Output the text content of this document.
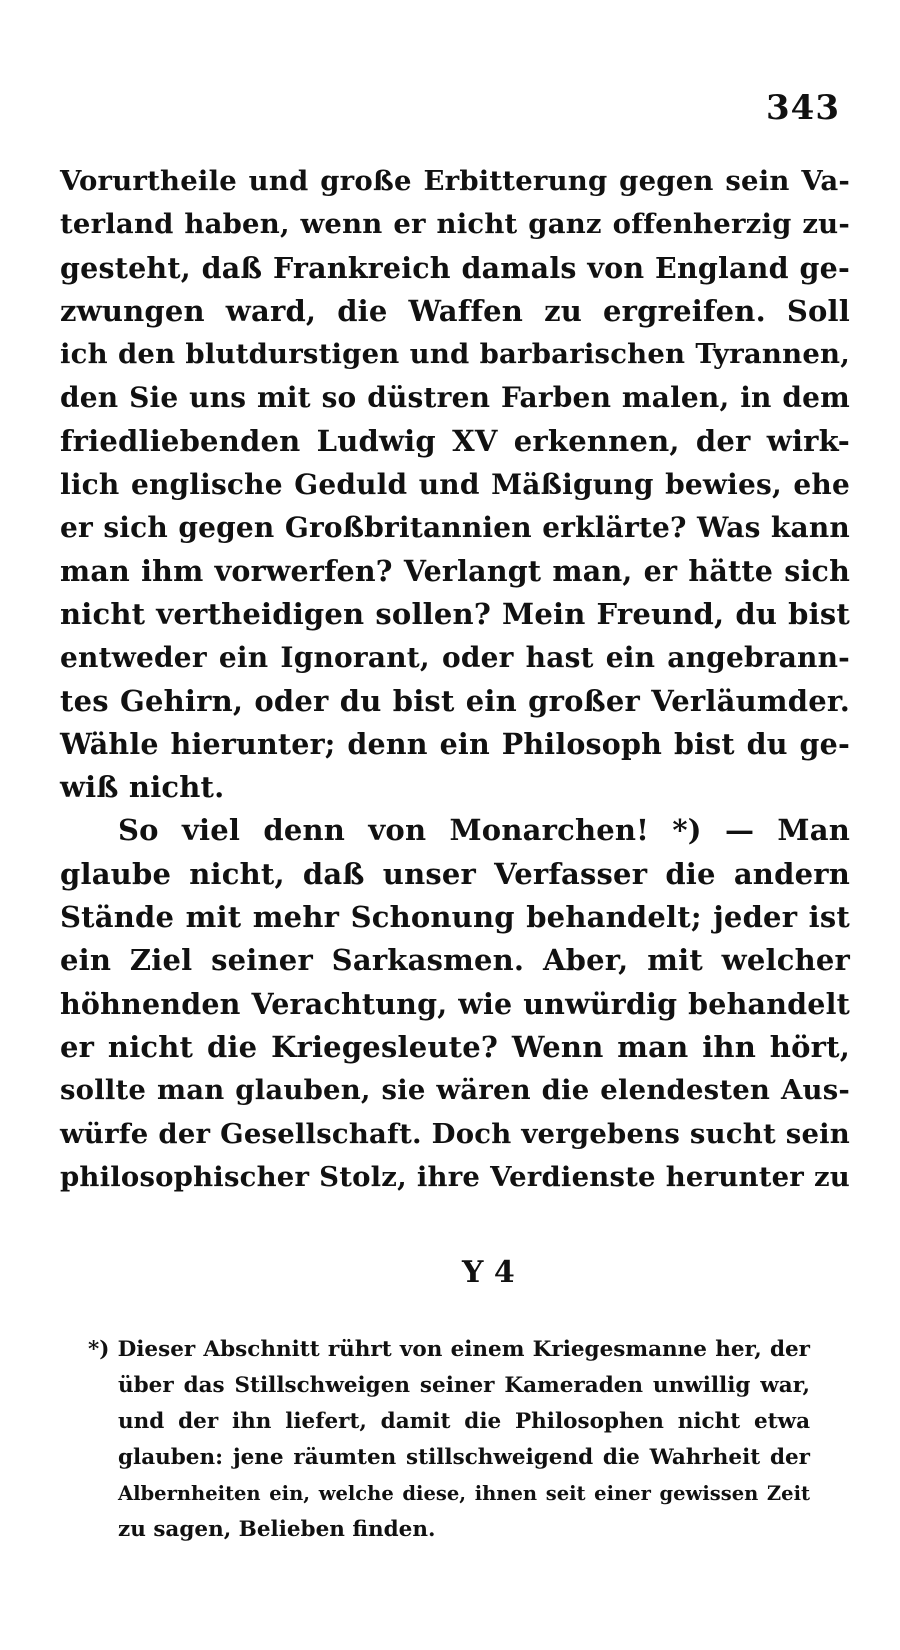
343
Vorurtheile und große Erbitterung gegen sein Va-
terland haben, wenn er nicht ganz offenherzig zu-
gesteht, daß Frankreich damals von England ge-
zwungen ward, die Waffen zu ergreifen. Soll
ich den blutdurstigen und barbarischen Tyrannen,
den Sie uns mit so düstren Farben malen, in dem
friedliebenden Ludwig XV erkennen, der wirk-
lich englische Geduld und Mäßigung bewies, ehe
er sich gegen Großbritannien erklärte? Was kann
man ihm vorwerfen? Verlangt man, er hätte sich
nicht vertheidigen sollen? Mein Freund, du bist
entweder ein Ignorant, oder hast ein angebrann-
tes Gehirn, oder du bist ein großer Verläumder.
Wähle hierunter; denn ein Philosoph bist du ge-
wiß nicht.
So viel denn von Monarchen! *) — Man
glaube nicht, daß unser Verfasser die andern
Stände mit mehr Schonung behandelt; jeder ist
ein Ziel seiner Sarkasmen. Aber, mit welcher
höhnenden Verachtung, wie unwürdig behandelt
er nicht die Kriegesleute? Wenn man ihn hört,
sollte man glauben, sie wären die elendesten Aus-
würfe der Gesellschaft. Doch vergebens sucht sein
philosophischer Stolz, ihre Verdienste herunter zu
Y 4
*) Dieser Abschnitt rührt von einem Kriegesmanne her, der
über das Stillschweigen seiner Kameraden unwillig war,
und der ihn liefert, damit die Philosophen nicht etwa
glauben: jene räumten stillschweigend die Wahrheit der
Albernheiten ein, welche diese, ihnen seit einer gewissen Zeit
zu sagen, Belieben finden.
